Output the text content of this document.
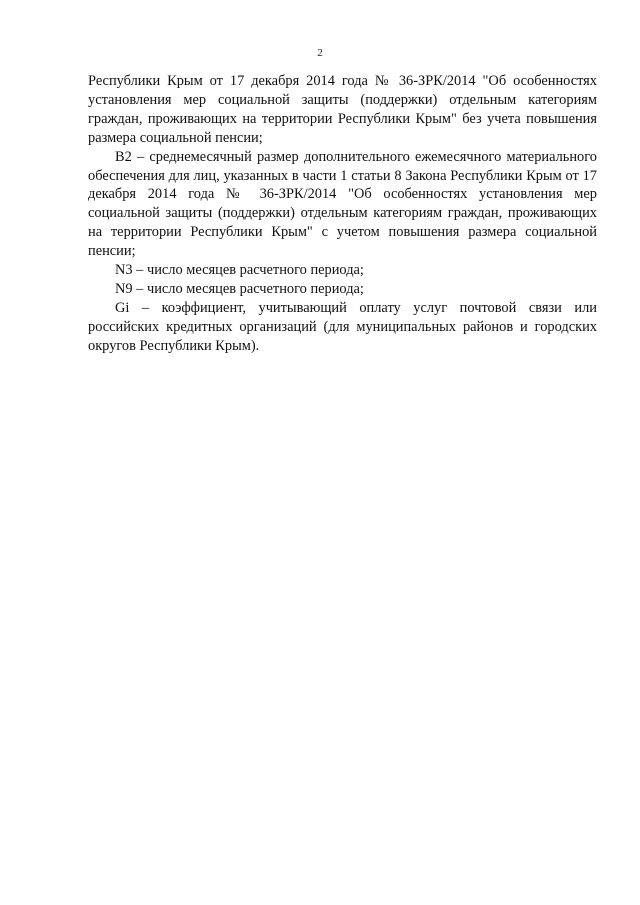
2

Республики Крым от 17 декабря 2014 года № 36-ЗРК/2014 "Об особенностях установления мер социальной защиты (поддержки) отдельным категориям граждан, проживающих на территории Республики Крым" без учета повышения размера социальной пенсии;

В2 – среднемесячный размер дополнительного ежемесячного материального обеспечения для лиц, указанных в части 1 статьи 8 Закона Республики Крым от 17 декабря 2014 года № 36-ЗРК/2014 "Об особенностях установления мер социальной защиты (поддержки) отдельным категориям граждан, проживающих на территории Республики Крым" с учетом повышения размера социальной пенсии;

N3 – число месяцев расчетного периода;

N9 – число месяцев расчетного периода;

Gi – коэффициент, учитывающий оплату услуг почтовой связи или российских кредитных организаций (для муниципальных районов и городских округов Республики Крым).
